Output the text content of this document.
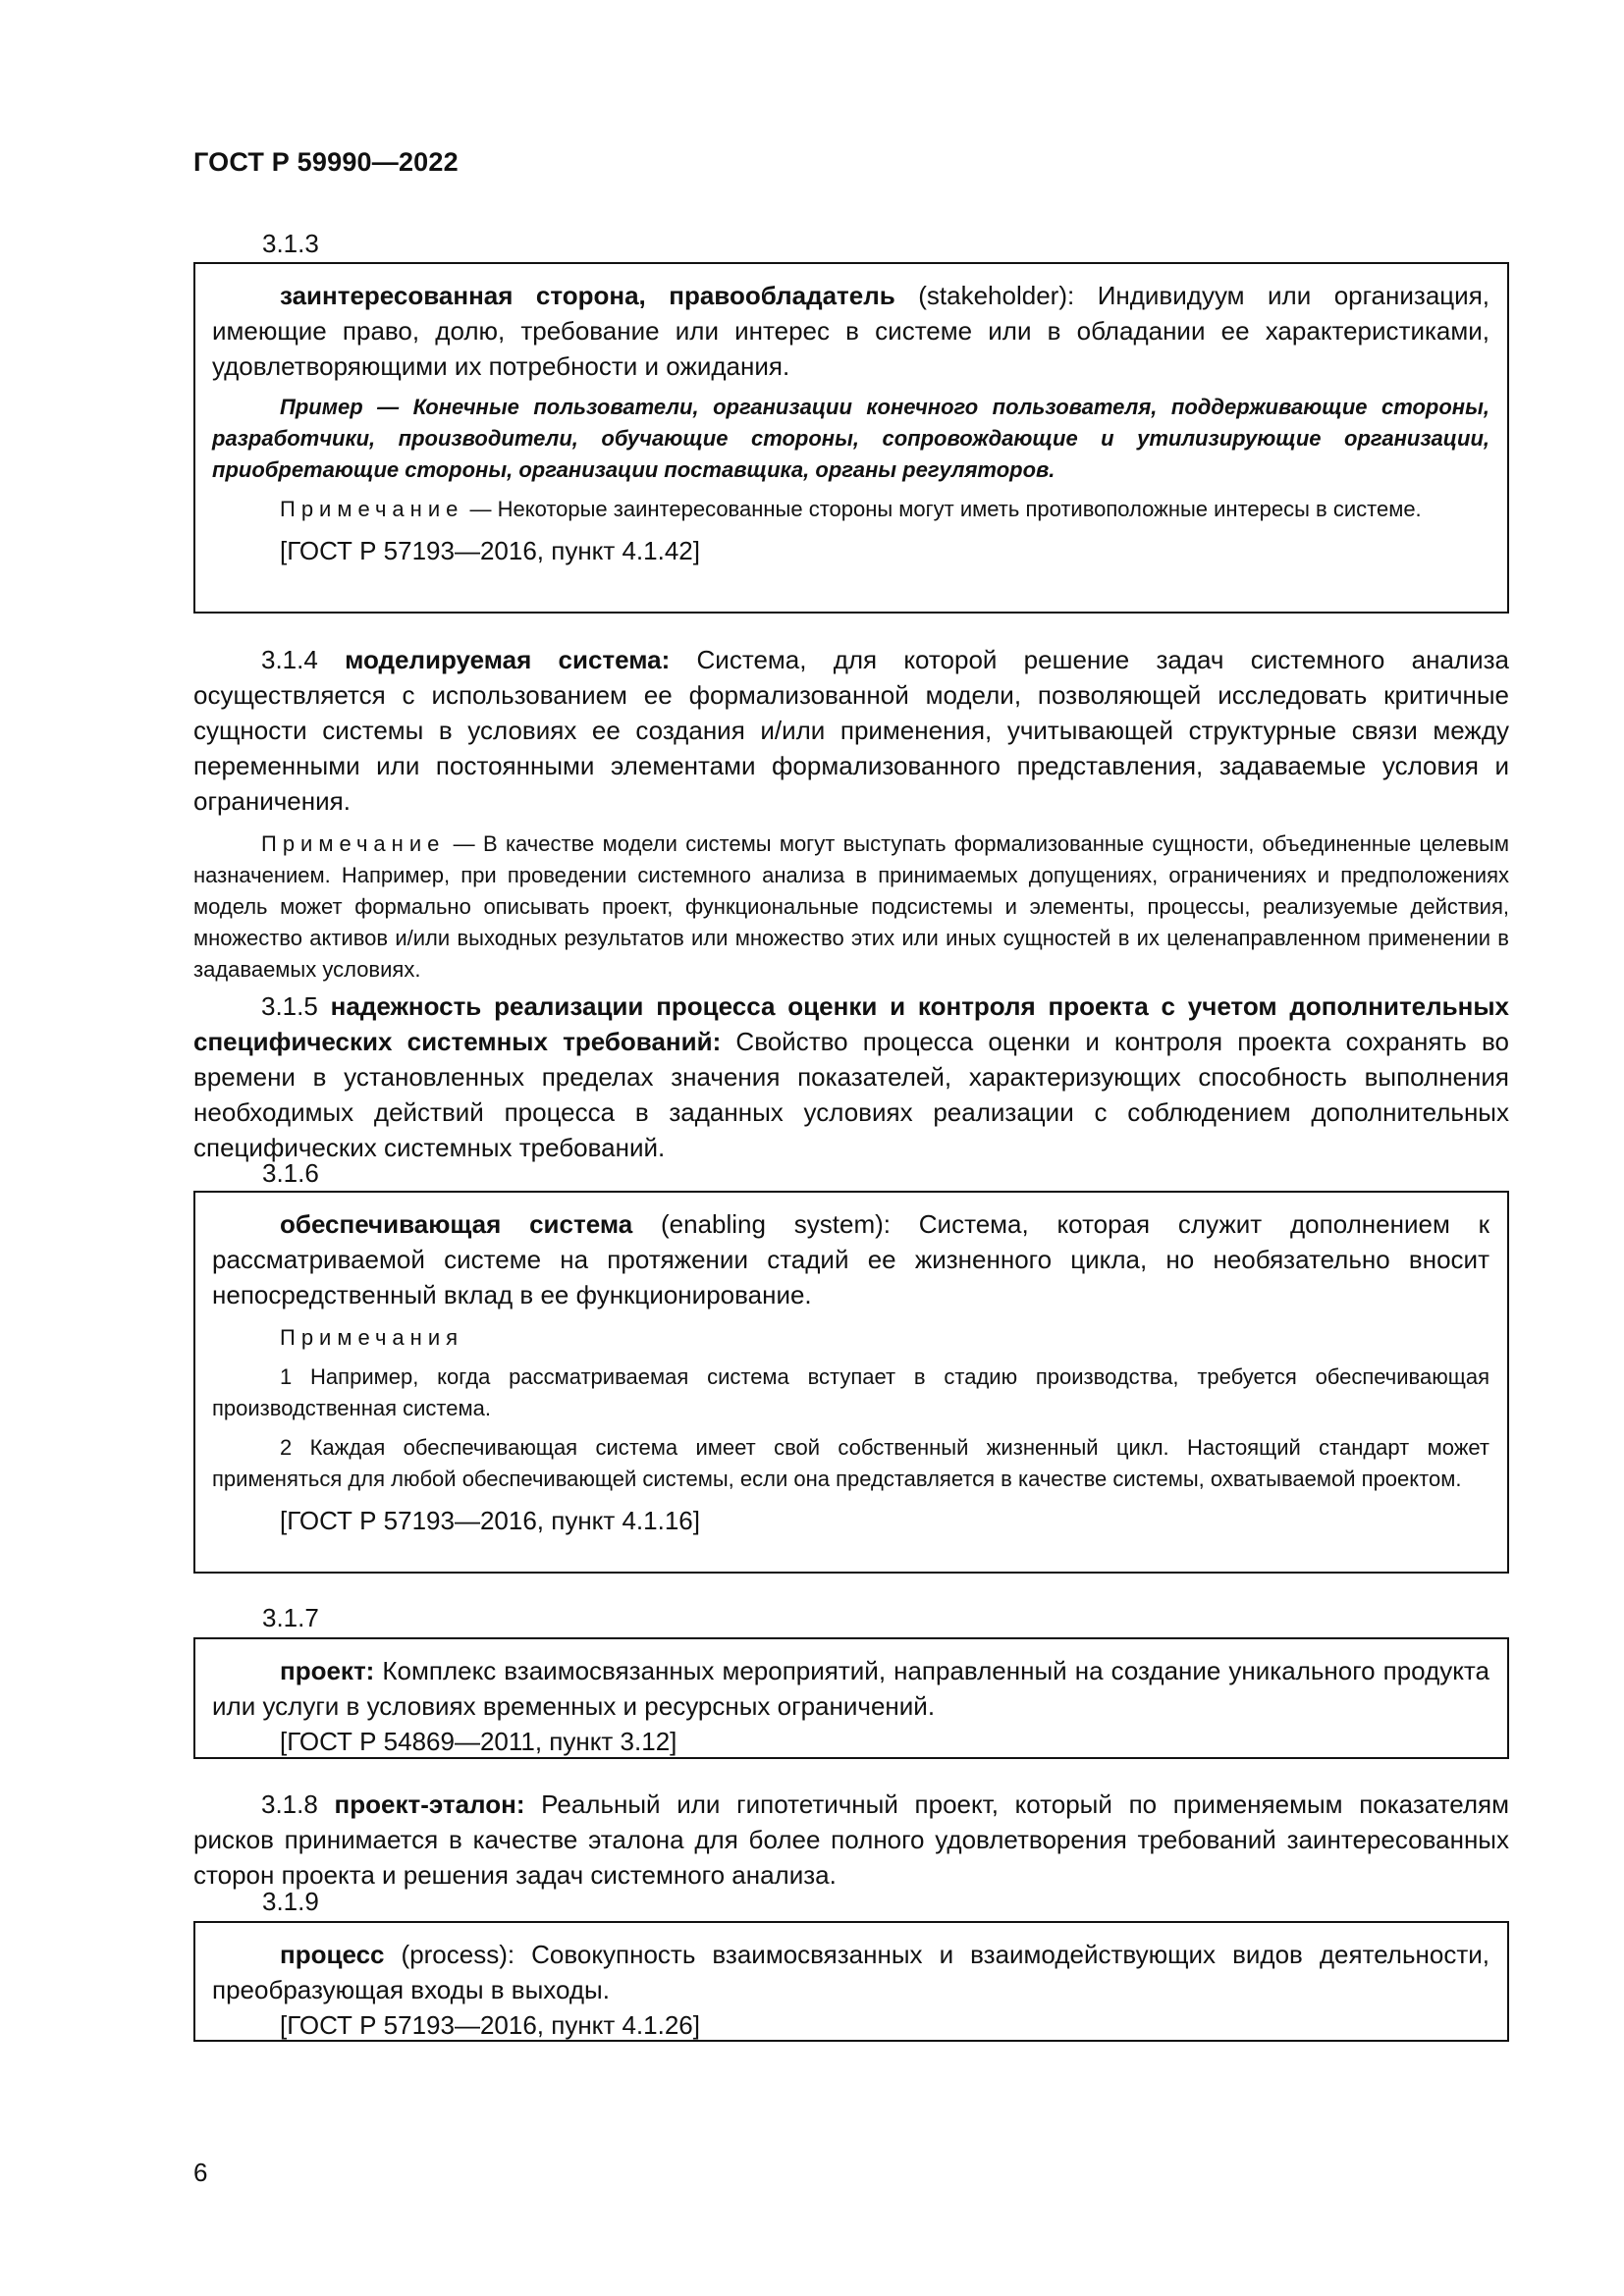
ГОСТ Р 59990—2022
3.1.3

заинтересованная сторона, правообладатель (stakeholder): Индивидуум или организация, имеющие право, долю, требование или интерес в системе или в обладании ее характеристиками, удовлетворяющими их потребности и ожидания.

Пример — Конечные пользователи, организации конечного пользователя, поддерживающие стороны, разработчики, производители, обучающие стороны, сопровождающие и утилизирующие организации, приобретающие стороны, организации поставщика, органы регуляторов.

Примечание — Некоторые заинтересованные стороны могут иметь противоположные интересы в системе.

[ГОСТ Р 57193—2016, пункт 4.1.42]

3.1.4 моделируемая система: Система, для которой решение задач системного анализа осуществляется с использованием ее формализованной модели, позволяющей исследовать критичные сущности системы в условиях ее создания и/или применения, учитывающей структурные связи между переменными или постоянными элементами формализованного представления, задаваемые условия и ограничения.

Примечание — В качестве модели системы могут выступать формализованные сущности, объединенные целевым назначением. Например, при проведении системного анализа в принимаемых допущениях, ограничениях и предположениях модель может формально описывать проект, функциональные подсистемы и элементы, процессы, реализуемые действия, множество активов и/или выходных результатов или множество этих или иных сущностей в их целенаправленном применении в задаваемых условиях.

3.1.5 надежность реализации процесса оценки и контроля проекта с учетом дополнительных специфических системных требований: Свойство процесса оценки и контроля проекта сохранять во времени в установленных пределах значения показателей, характеризующих способность выполнения необходимых действий процесса в заданных условиях реализации с соблюдением дополнительных специфических системных требований.

3.1.6

обеспечивающая система (enabling system): Система, которая служит дополнением к рассматриваемой системе на протяжении стадий ее жизненного цикла, но необязательно вносит непосредственный вклад в ее функционирование.

Примечания

1 Например, когда рассматриваемая система вступает в стадию производства, требуется обеспечивающая производственная система.

2 Каждая обеспечивающая система имеет свой собственный жизненный цикл. Настоящий стандарт может применяться для любой обеспечивающей системы, если она представляется в качестве системы, охватываемой проектом.

[ГОСТ Р 57193—2016, пункт 4.1.16]
3.1.7

проект: Комплекс взаимосвязанных мероприятий, направленный на создание уникального продукта или услуги в условиях временных и ресурсных ограничений.

[ГОСТ Р 54869—2011, пункт 3.12]

3.1.8 проект-эталон: Реальный или гипотетичный проект, который по применяемым показателям рисков принимается в качестве эталона для более полного удовлетворения требований заинтересованных сторон проекта и решения задач системного анализа.

3.1.9

процесс (process): Совокупность взаимосвязанных и взаимодействующих видов деятельности, преобразующая входы в выходы.

[ГОСТ Р 57193—2016, пункт 4.1.26]
6
